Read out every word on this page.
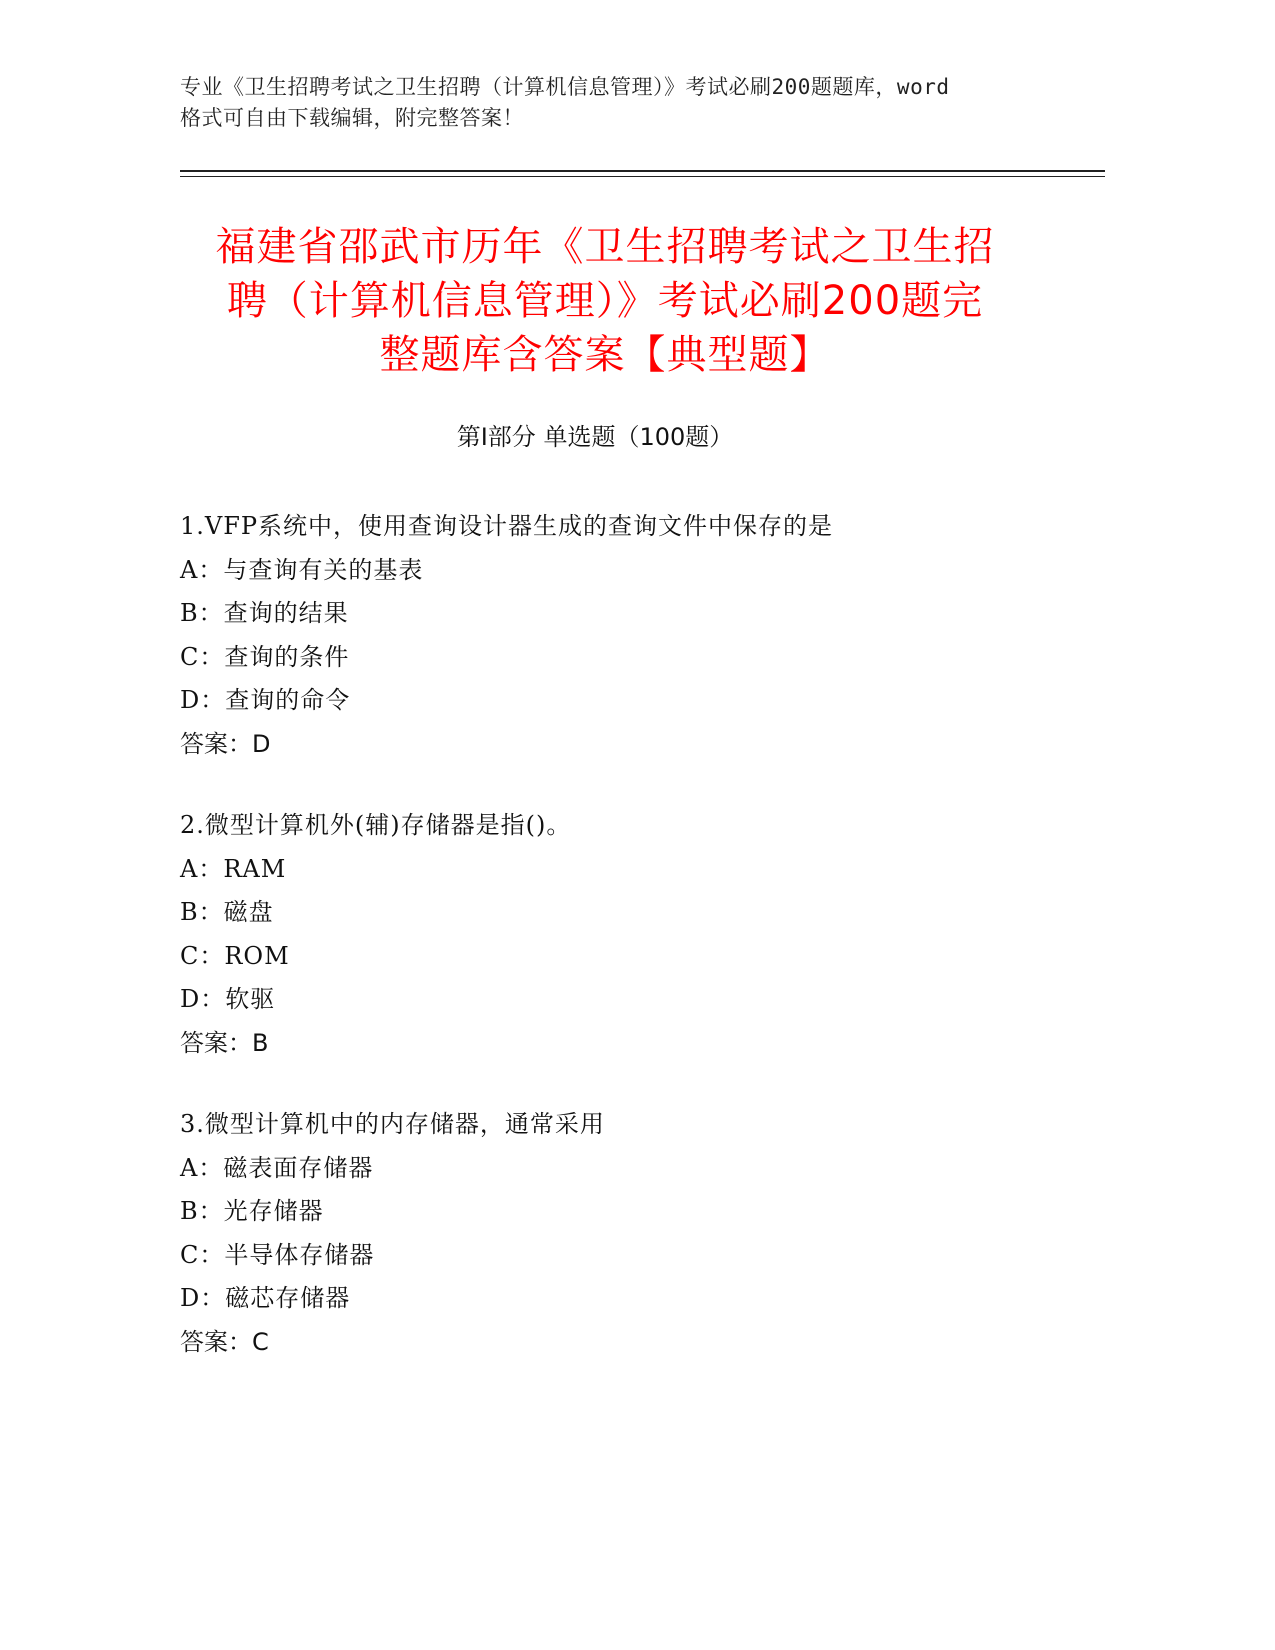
专业《卫生招聘考试之卫生招聘（计算机信息管理）》考试必刷200题题库，word
格式可自由下载编辑，附完整答案！
福建省邵武市历年《卫生招聘考试之卫生招
聘（计算机信息管理）》考试必刷200题完
整题库含答案【典型题】
第Ⅰ部分 单选题（100题）
1.VFP系统中，使用查询设计器生成的查询文件中保存的是
A：与查询有关的基表
B：查询的结果
C：查询的条件
D：查询的命令
答案：D
2.微型计算机外(辅)存储器是指()。
A：RAM
B：磁盘
C：ROM
D：软驱
答案：B
3.微型计算机中的内存储器，通常采用
A：磁表面存储器
B：光存储器
C：半导体存储器
D：磁芯存储器
答案：C
